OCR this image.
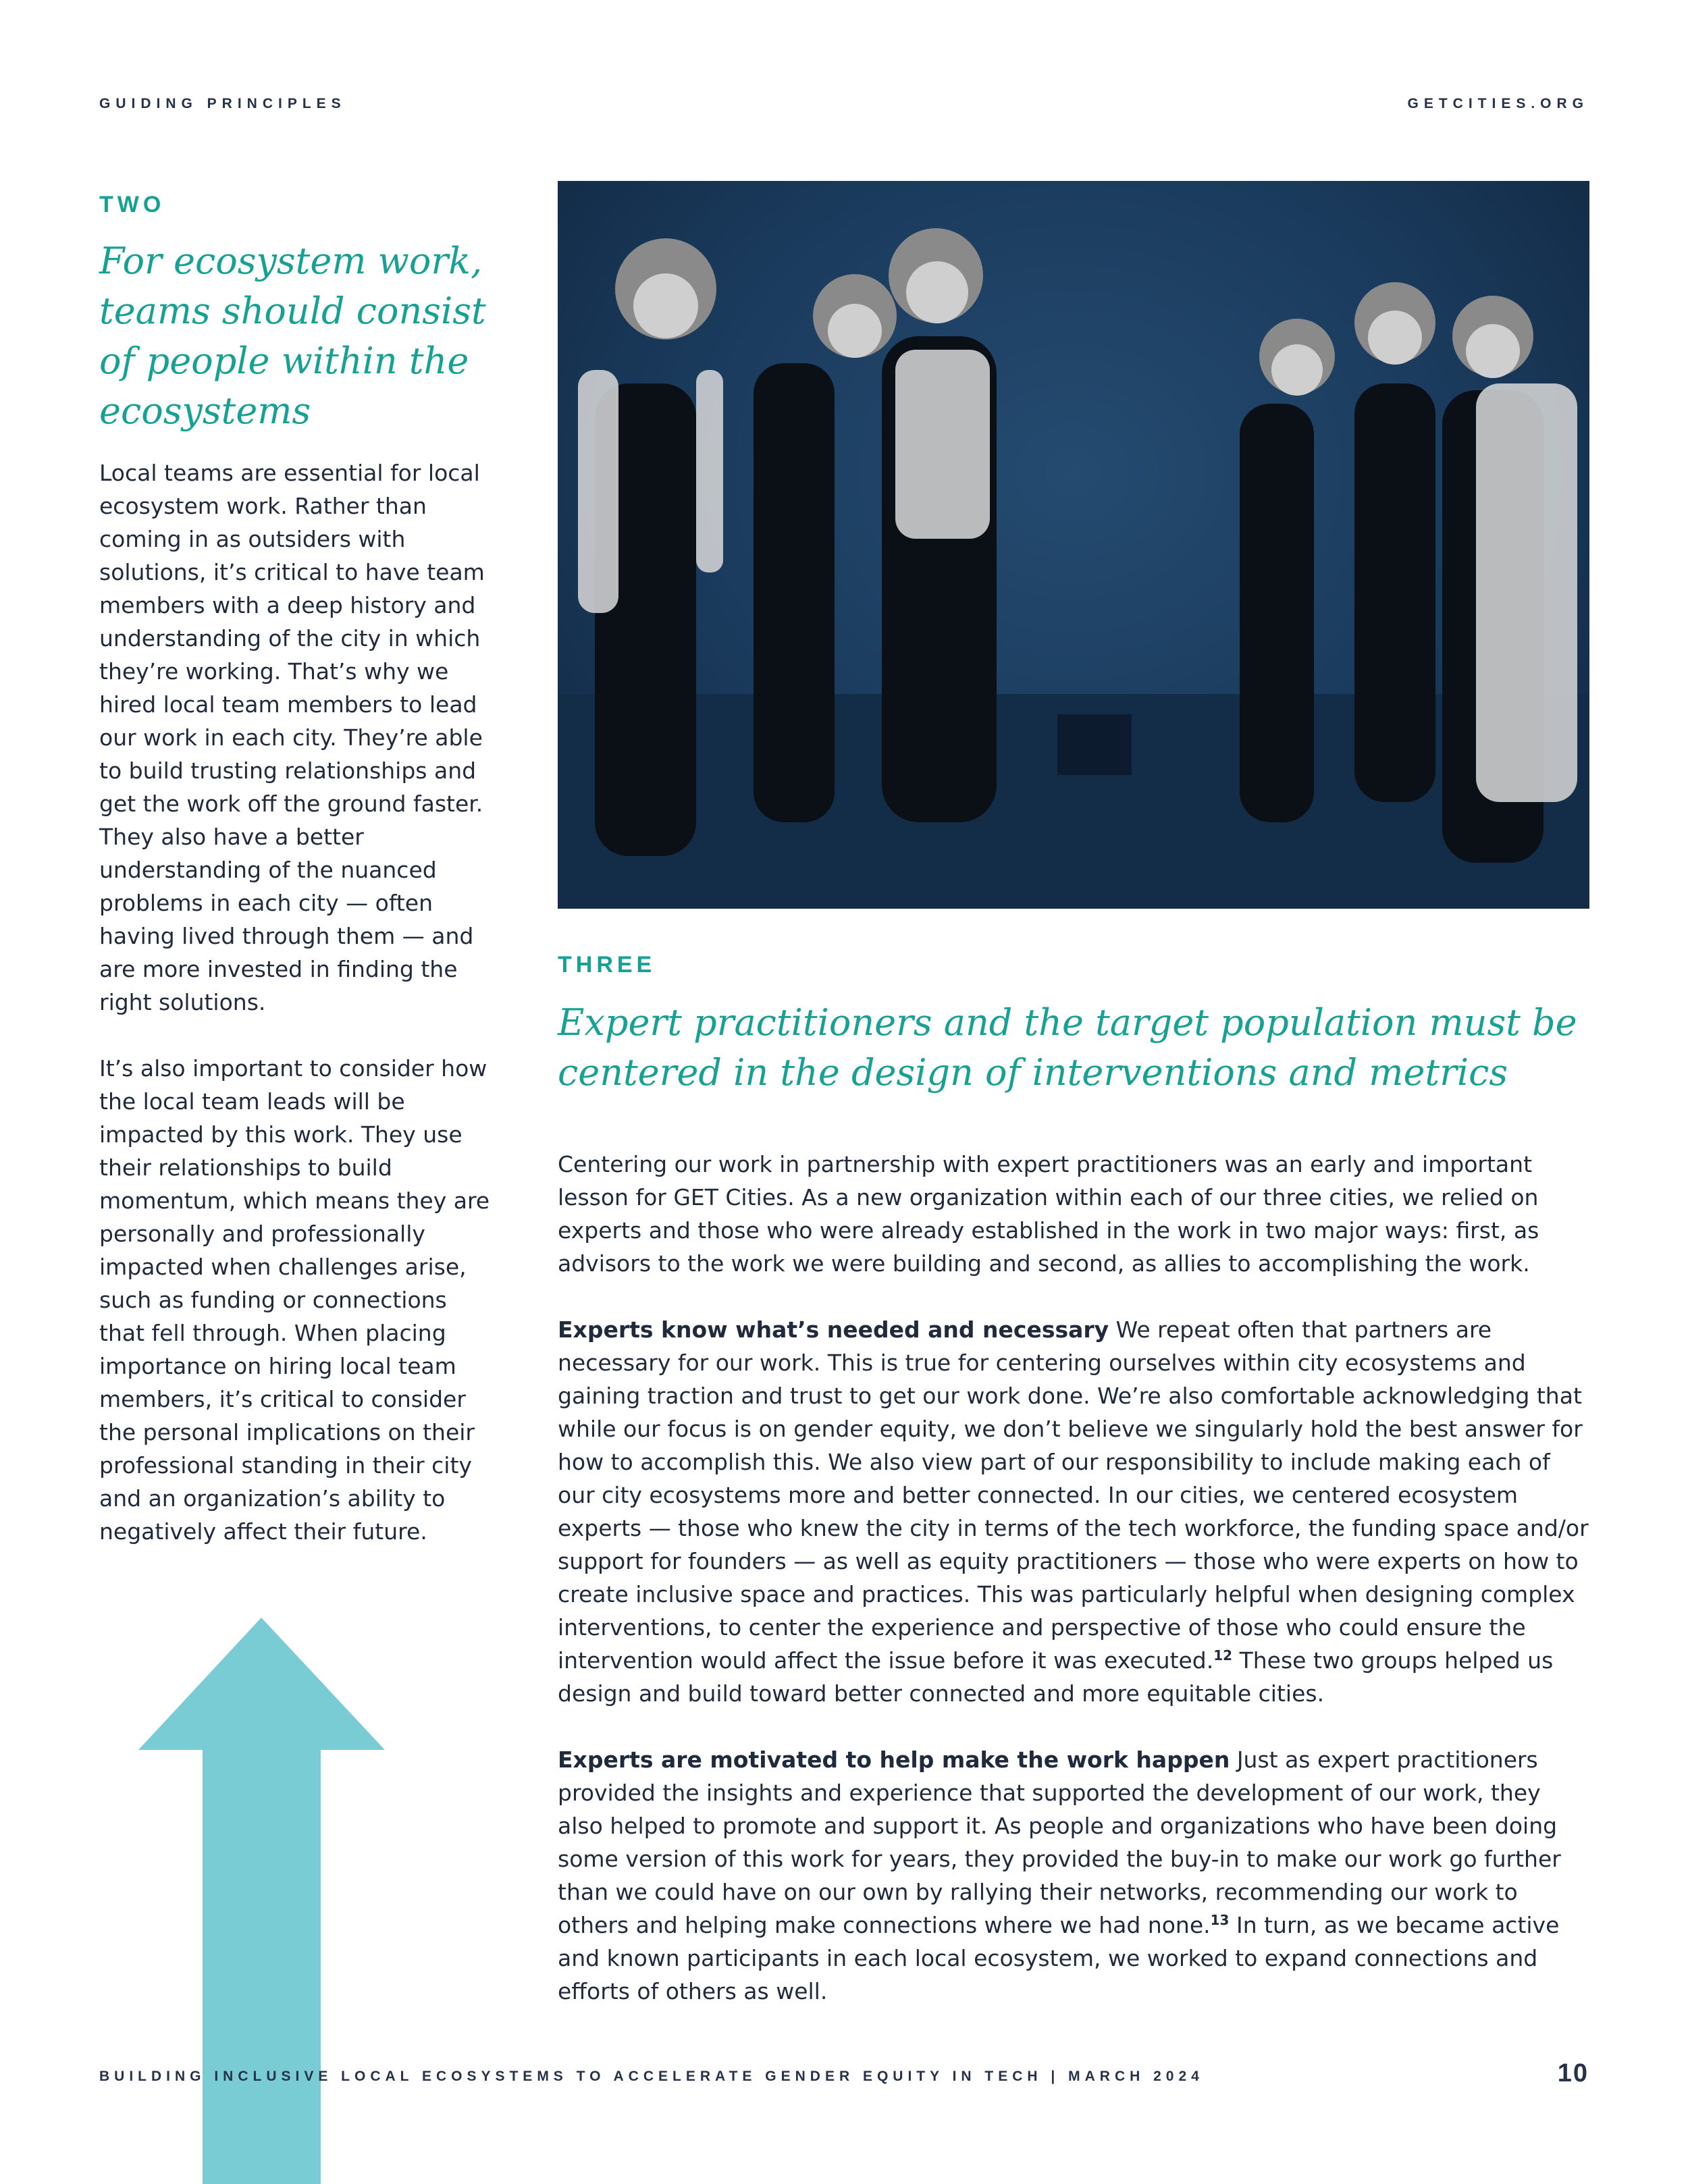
GUIDING PRINCIPLES	GETCITIES.ORG
TWO
For ecosystem work, teams should consist of people within the ecosystems

Local teams are essential for local ecosystem work. Rather than coming in as outsiders with solutions, it’s critical to have team members with a deep history and understanding of the city in which they’re working. That’s why we hired local team members to lead our work in each city. They’re able to build trusting relationships and get the work off the ground faster. They also have a better understanding of the nuanced problems in each city — often having lived through them — and are more invested in finding the right solutions.

It’s also important to consider how the local team leads will be impacted by this work. They use their relationships to build momentum, which means they are personally and professionally impacted when challenges arise, such as funding or connections that fell through. When placing importance on hiring local team members, it’s critical to consider the personal implications on their professional standing in their city and an organization’s ability to negatively affect their future.

THREE
Expert practitioners and the target population must be centered in the design of interventions and metrics

Centering our work in partnership with expert practitioners was an early and important lesson for GET Cities. As a new organization within each of our three cities, we relied on experts and those who were already established in the work in two major ways: first, as advisors to the work we were building and second, as allies to accomplishing the work.

Experts know what’s needed and necessary We repeat often that partners are necessary for our work. This is true for centering ourselves within city ecosystems and gaining traction and trust to get our work done. We’re also comfortable acknowledging that while our focus is on gender equity, we don’t believe we singularly hold the best answer for how to accomplish this. We also view part of our responsibility to include making each of our city ecosystems more and better connected. In our cities, we centered ecosystem experts — those who knew the city in terms of the tech workforce, the funding space and/or support for founders — as well as equity practitioners — those who were experts on how to create inclusive space and practices. This was particularly helpful when designing complex interventions, to center the experience and perspective of those who could ensure the intervention would affect the issue before it was executed.$^{12}$ These two groups helped us design and build toward better connected and more equitable cities.

Experts are motivated to help make the work happen Just as expert practitioners provided the insights and experience that supported the development of our work, they also helped to promote and support it. As people and organizations who have been doing some version of this work for years, they provided the buy-in to make our work go further than we could have on our own by rallying their networks, recommending our work to others and helping make connections where we had none.$^{13}$ In turn, as we became active and known participants in each local ecosystem, we worked to expand connections and efforts of others as well.

BUILDING INCLUSIVE LOCAL ECOSYSTEMS TO ACCELERATE GENDER EQUITY IN TECH | MARCH 2024	10
